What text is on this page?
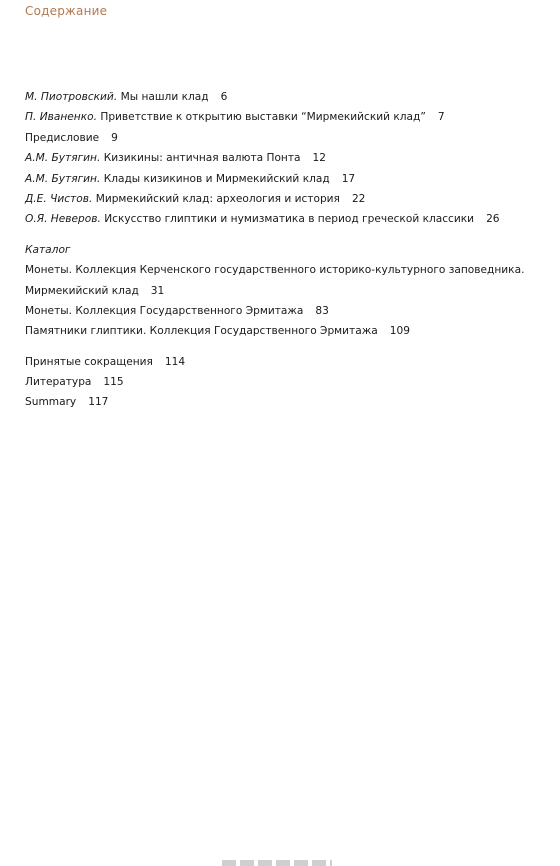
Содержание
М. Пиотровский. Мы нашли клад 6
П. Иваненко. Приветствие к открытию выставки “Мирмекийский клад” 7
Предисловие 9
А.М. Бутягин. Кизикины: античная валюта Понта 12
А.М. Бутягин. Клады кизикинов и Мирмекийский клад 17
Д.Е. Чистов. Мирмекийский клад: археология и история 22
О.Я. Неверов. Искусство глиптики и нумизматика в период греческой классики 26
Каталог
Монеты. Коллекция Керченского государственного историко-культурного заповедника.
Мирмекийский клад 31
Монеты. Коллекция Государственного Эрмитажа 83
Памятники глиптики. Коллекция Государственного Эрмитажа 109
Принятые сокращения 114
Литература 115
Summary 117
